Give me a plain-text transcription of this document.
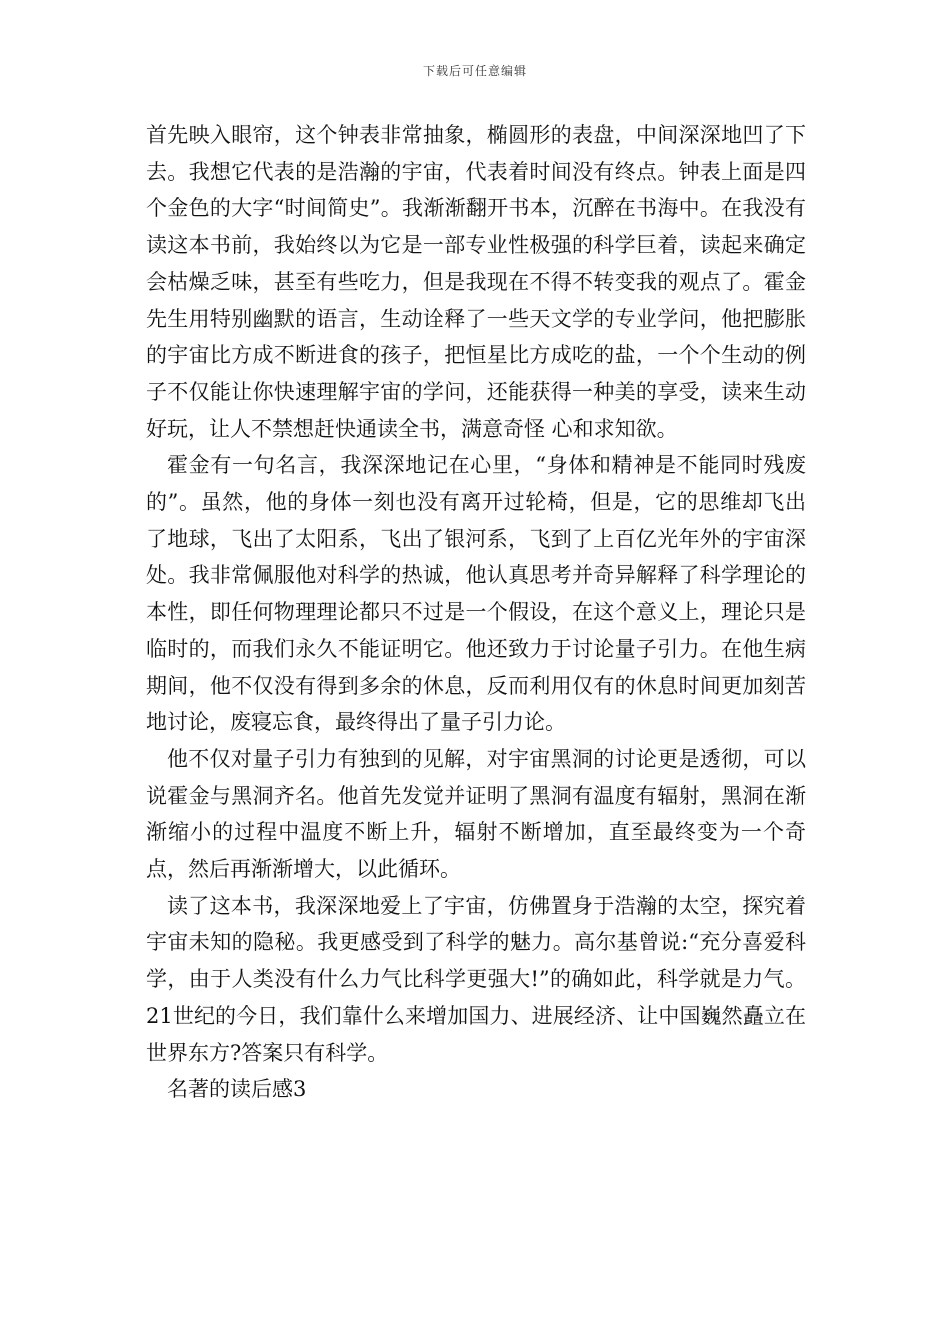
下载后可任意编辑

首先映入眼帘，这个钟表非常抽象，椭圆形的表盘，中间深深地凹了下去。我想它代表的是浩瀚的宇宙，代表着时间没有终点。钟表上面是四个金色的大字“时间简史”。我渐渐翻开书本，沉醉在书海中。在我没有读这本书前，我始终以为它是一部专业性极强的科学巨着，读起来确定会枯燥乏味，甚至有些吃力，但是我现在不得不转变我的观点了。霍金先生用特别幽默的语言，生动诠释了一些天文学的专业学问，他把膨胀的宇宙比方成不断进食的孩子，把恒星比方成吃的盐，一个个生动的例子不仅能让你快速理解宇宙的学问，还能获得一种美的享受，读来生动好玩，让人不禁想赶快通读全书，满意奇怪 心和求知欲。

霍金有一句名言，我深深地记在心里，“身体和精神是不能同时残废的”。虽然，他的身体一刻也没有离开过轮椅，但是，它的思维却飞出了地球，飞出了太阳系，飞出了银河系，飞到了上百亿光年外的宇宙深处。我非常佩服他对科学的热诚，他认真思考并奇异解释了科学理论的本性，即任何物理理论都只不过是一个假设，在这个意义上，理论只是临时的，而我们永久不能证明它。他还致力于讨论量子引力。在他生病期间，他不仅没有得到多余的休息，反而利用仅有的休息时间更加刻苦地讨论，废寝忘食，最终得出了量子引力论。

他不仅对量子引力有独到的见解，对宇宙黑洞的讨论更是透彻，可以说霍金与黑洞齐名。他首先发觉并证明了黑洞有温度有辐射，黑洞在渐渐缩小的过程中温度不断上升，辐射不断增加，直至最终变为一个奇点，然后再渐渐增大，以此循环。

读了这本书，我深深地爱上了宇宙，仿佛置身于浩瀚的太空，探究着宇宙未知的隐秘。我更感受到了科学的魅力。高尔基曾说:“充分喜爱科学，由于人类没有什么力气比科学更强大!”的确如此，科学就是力气。21世纪的今日，我们靠什么来增加国力、进展经济、让中国巍然矗立在世界东方?答案只有科学。

名著的读后感3
